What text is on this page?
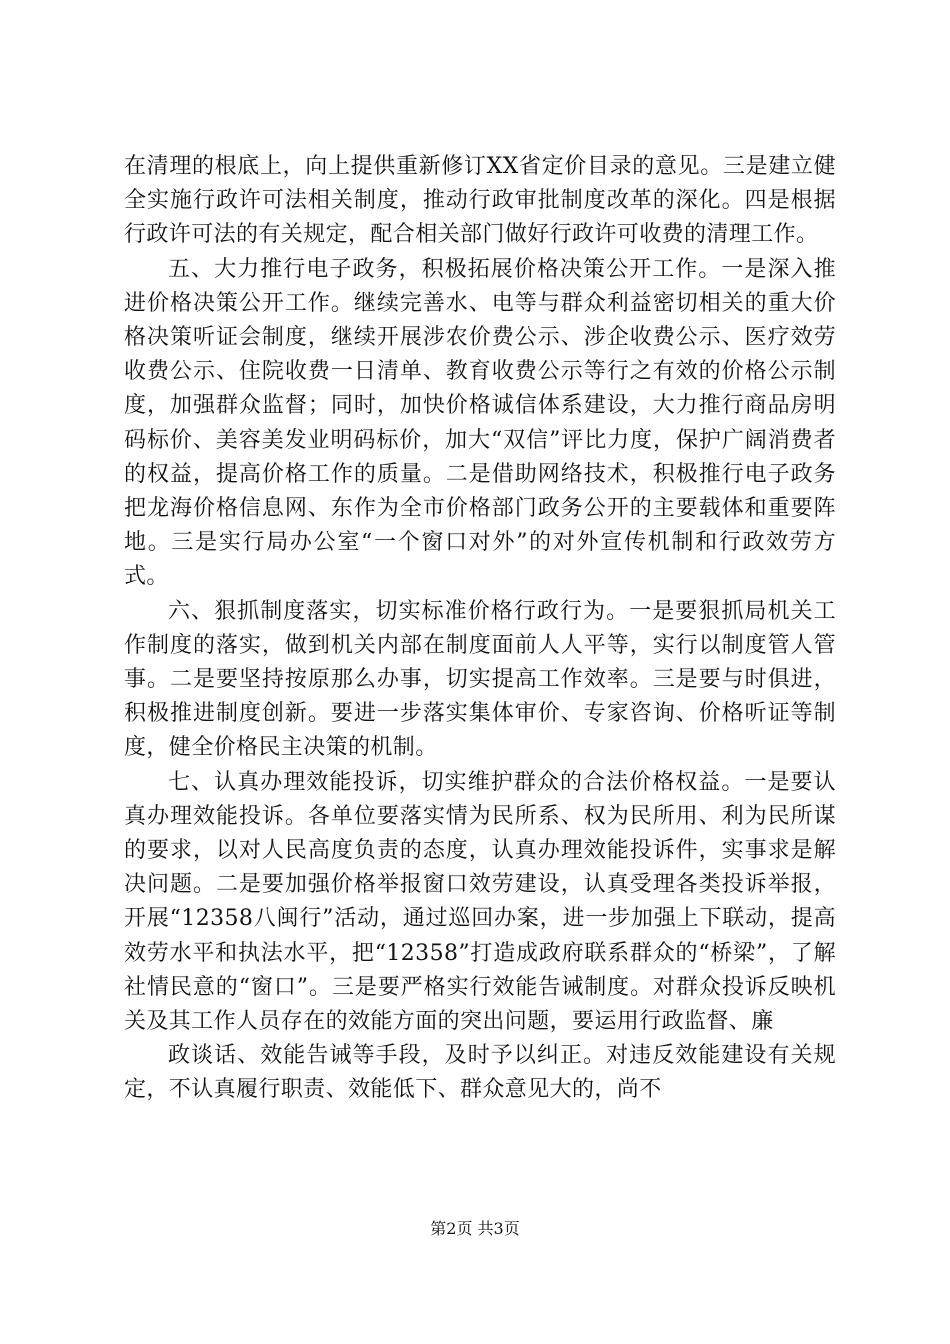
在清理的根底上，向上提供重新修订XX省定价目录的意见。三是建立健全实施行政许可法相关制度，推动行政审批制度改革的深化。四是根据行政许可法的有关规定，配合相关部门做好行政许可收费的清理工作。

五、大力推行电子政务，积极拓展价格决策公开工作。一是深入推进价格决策公开工作。继续完善水、电等与群众利益密切相关的重大价格决策听证会制度，继续开展涉农价费公示、涉企收费公示、医疗效劳收费公示、住院收费一日清单、教育收费公示等行之有效的价格公示制度，加强群众监督；同时，加快价格诚信体系建设，大力推行商品房明码标价、美容美发业明码标价，加大“双信”评比力度，保护广阔消费者的权益，提高价格工作的质量。二是借助网络技术，积极推行电子政务把龙海价格信息网、东作为全市价格部门政务公开的主要载体和重要阵地。三是实行局办公室“一个窗口对外”的对外宣传机制和行政效劳方式。

六、狠抓制度落实，切实标准价格行政行为。一是要狠抓局机关工作制度的落实，做到机关内部在制度面前人人平等，实行以制度管人管事。二是要坚持按原那么办事，切实提高工作效率。三是要与时俱进，积极推进制度创新。要进一步落实集体审价、专家咨询、价格听证等制度，健全价格民主决策的机制。

七、认真办理效能投诉，切实维护群众的合法价格权益。一是要认真办理效能投诉。各单位要落实情为民所系、权为民所用、利为民所谋的要求，以对人民高度负责的态度，认真办理效能投诉件，实事求是解决问题。二是要加强价格举报窗口效劳建设，认真受理各类投诉举报，开展“12358八闽行”活动，通过巡回办案，进一步加强上下联动，提高效劳水平和执法水平，把“12358”打造成政府联系群众的“桥梁”，了解社情民意的“窗口”。三是要严格实行效能告诫制度。对群众投诉反映机关及其工作人员存在的效能方面的突出问题，要运用行政监督、廉

政谈话、效能告诫等手段，及时予以纠正。对违反效能建设有关规定，不认真履行职责、效能低下、群众意见大的，尚不

第2页 共3页
